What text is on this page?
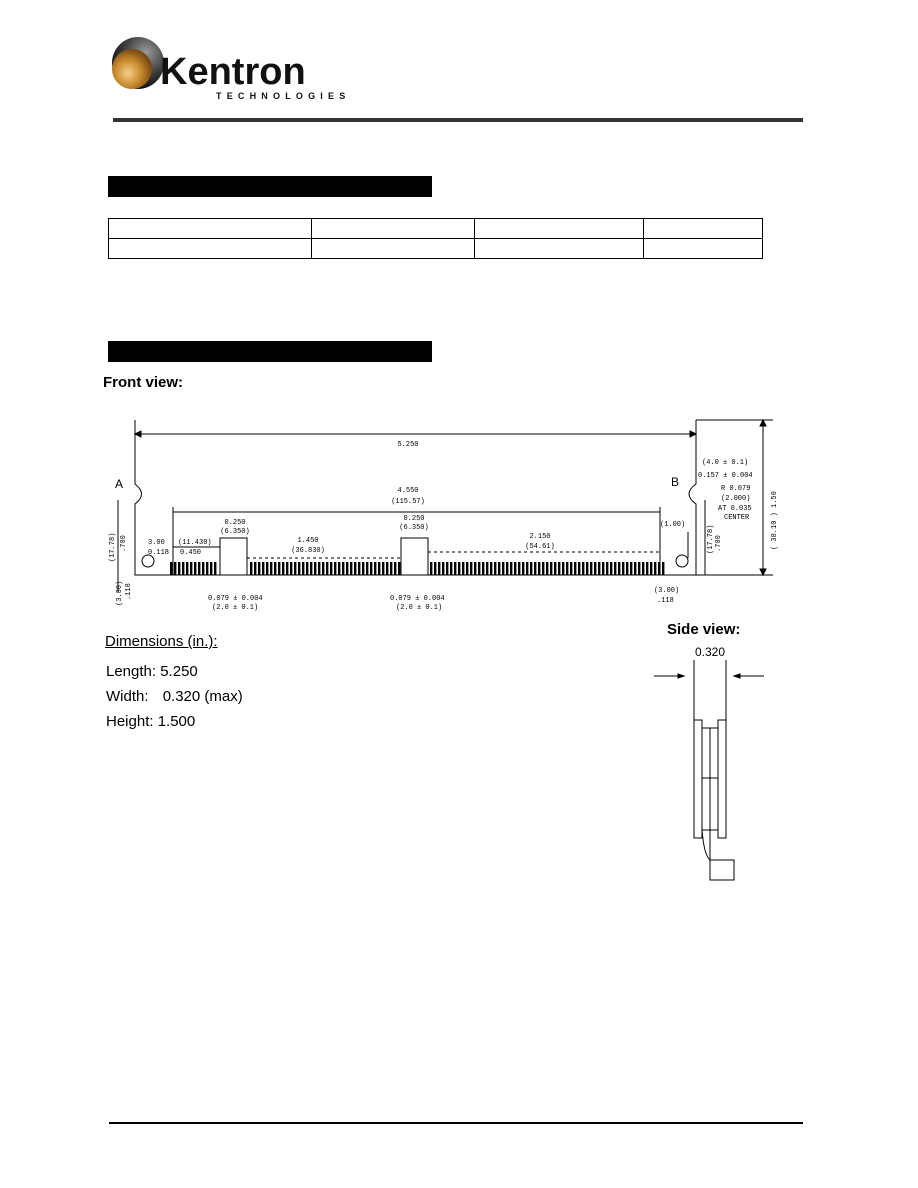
Kentron
TECHNOLOGIES

Front view:
5.250
4.550
(115.57)
0.250
(6.350)
0.250
(6.350)
(11.430)
0.450
1.450
(36.830)
2.150
(54.61)
3.00
0.118
(1.00)
0.079 ± 0.004
(2.0 ± 0.1)
0.079 ± 0.004
(2.0 ± 0.1)
(3.00)
.118
(4.0 ± 0.1)
0.157 ± 0.004
R 0.079
(2.000)
AT 0.035
CENTER
(17.78) .700
(3.00) .118
(17.78) .700	( 38.10 ) 1.50
A	B
Dimensions (in.):
Length: 5.250
Width: 0.320 (max)
Height: 1.500
Side view:
0.320
